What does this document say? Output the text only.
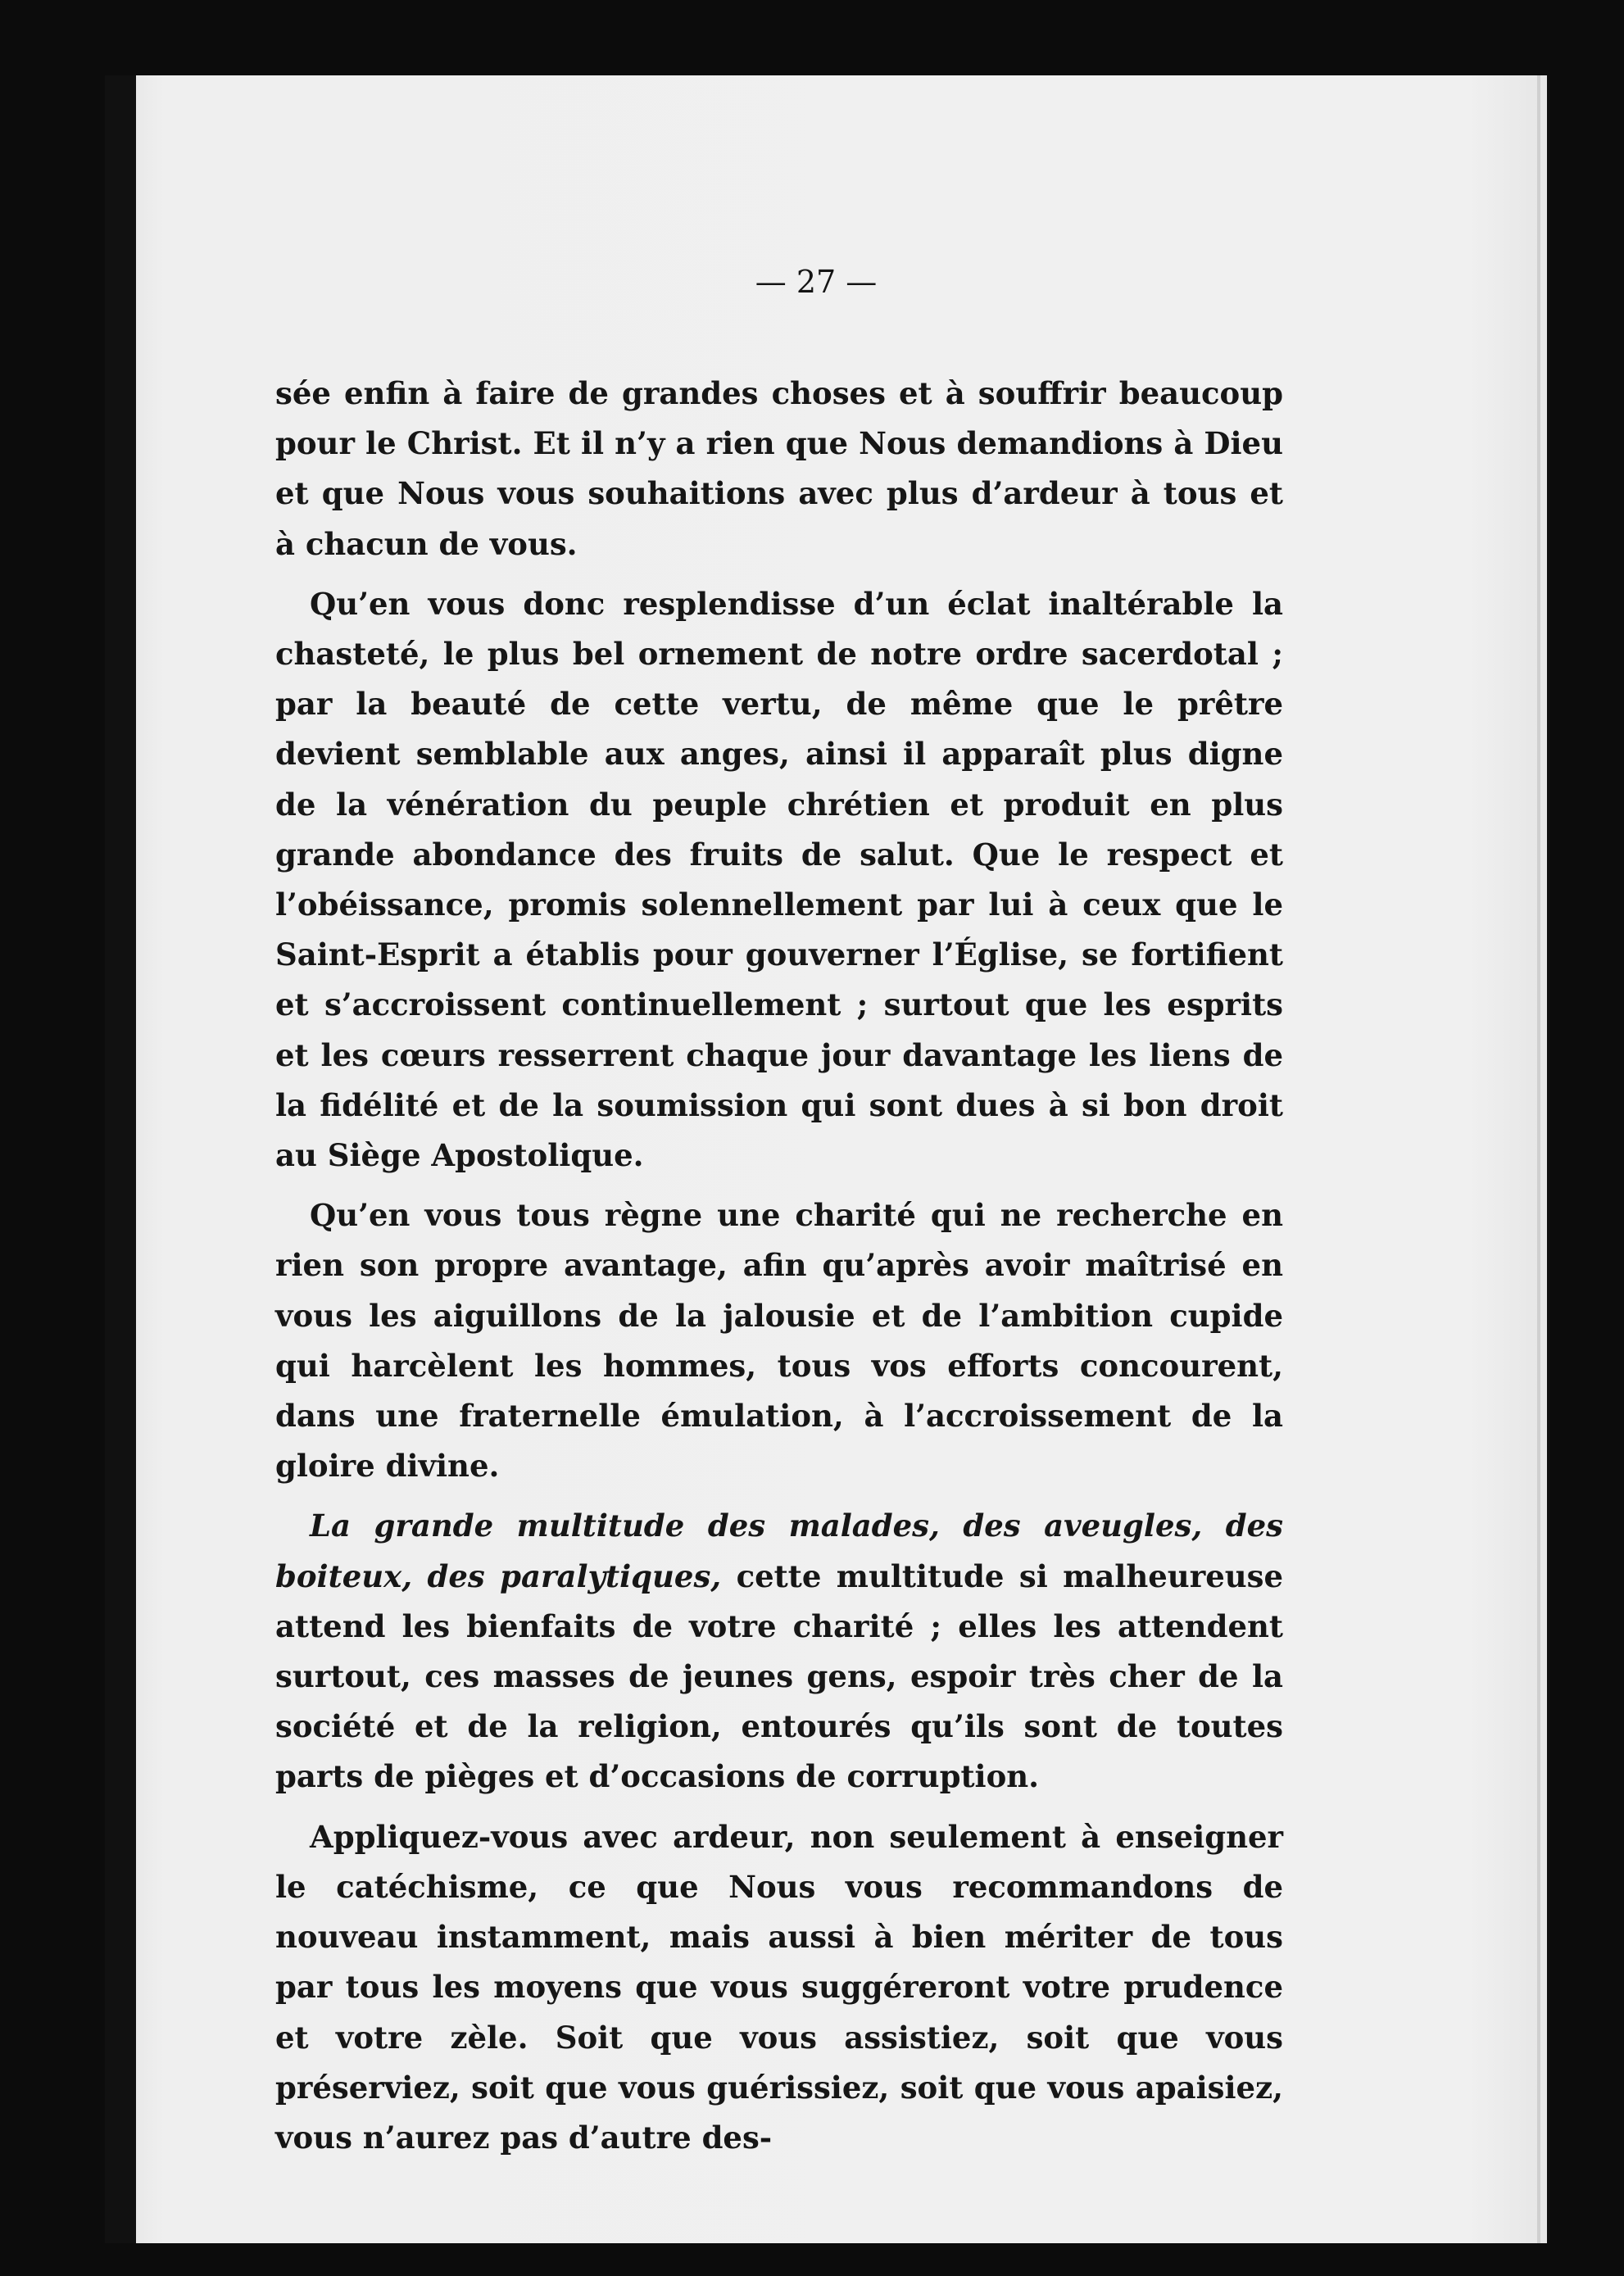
— 27 —

sée enfin à faire de grandes choses et à souffrir beaucoup pour le Christ. Et il n’y a rien que Nous demandions à Dieu et que Nous vous souhaitions avec plus d’ardeur à tous et à chacun de vous.

Qu’en vous donc resplendisse d’un éclat inaltérable la chasteté, le plus bel ornement de notre ordre sacerdotal ; par la beauté de cette vertu, de même que le prêtre devient semblable aux anges, ainsi il apparaît plus digne de la vénération du peuple chrétien et produit en plus grande abondance des fruits de salut. Que le respect et l’obéissance, promis solennellement par lui à ceux que le Saint-Esprit a établis pour gouverner l’Église, se fortifient et s’accroissent continuellement ; surtout que les esprits et les cœurs resserrent chaque jour davantage les liens de la fidélité et de la soumission qui sont dues à si bon droit au Siège Apostolique.

Qu’en vous tous règne une charité qui ne recherche en rien son propre avantage, afin qu’après avoir maîtrisé en vous les aiguillons de la jalousie et de l’ambition cupide qui harcèlent les hommes, tous vos efforts concourent, dans une fraternelle émulation, à l’accroissement de la gloire divine.

La grande multitude des malades, des aveugles, des boiteux, des paralytiques, cette multitude si malheureuse attend les bienfaits de votre charité ; elles les attendent surtout, ces masses de jeunes gens, espoir très cher de la société et de la religion, entourés qu’ils sont de toutes parts de pièges et d’occasions de corruption.

Appliquez-vous avec ardeur, non seulement à enseigner le catéchisme, ce que Nous vous recommandons de nouveau instamment, mais aussi à bien mériter de tous par tous les moyens que vous suggéreront votre prudence et votre zèle. Soit que vous assistiez, soit que vous préserviez, soit que vous guérissiez, soit que vous apaisiez, vous n’aurez pas d’autre des-
